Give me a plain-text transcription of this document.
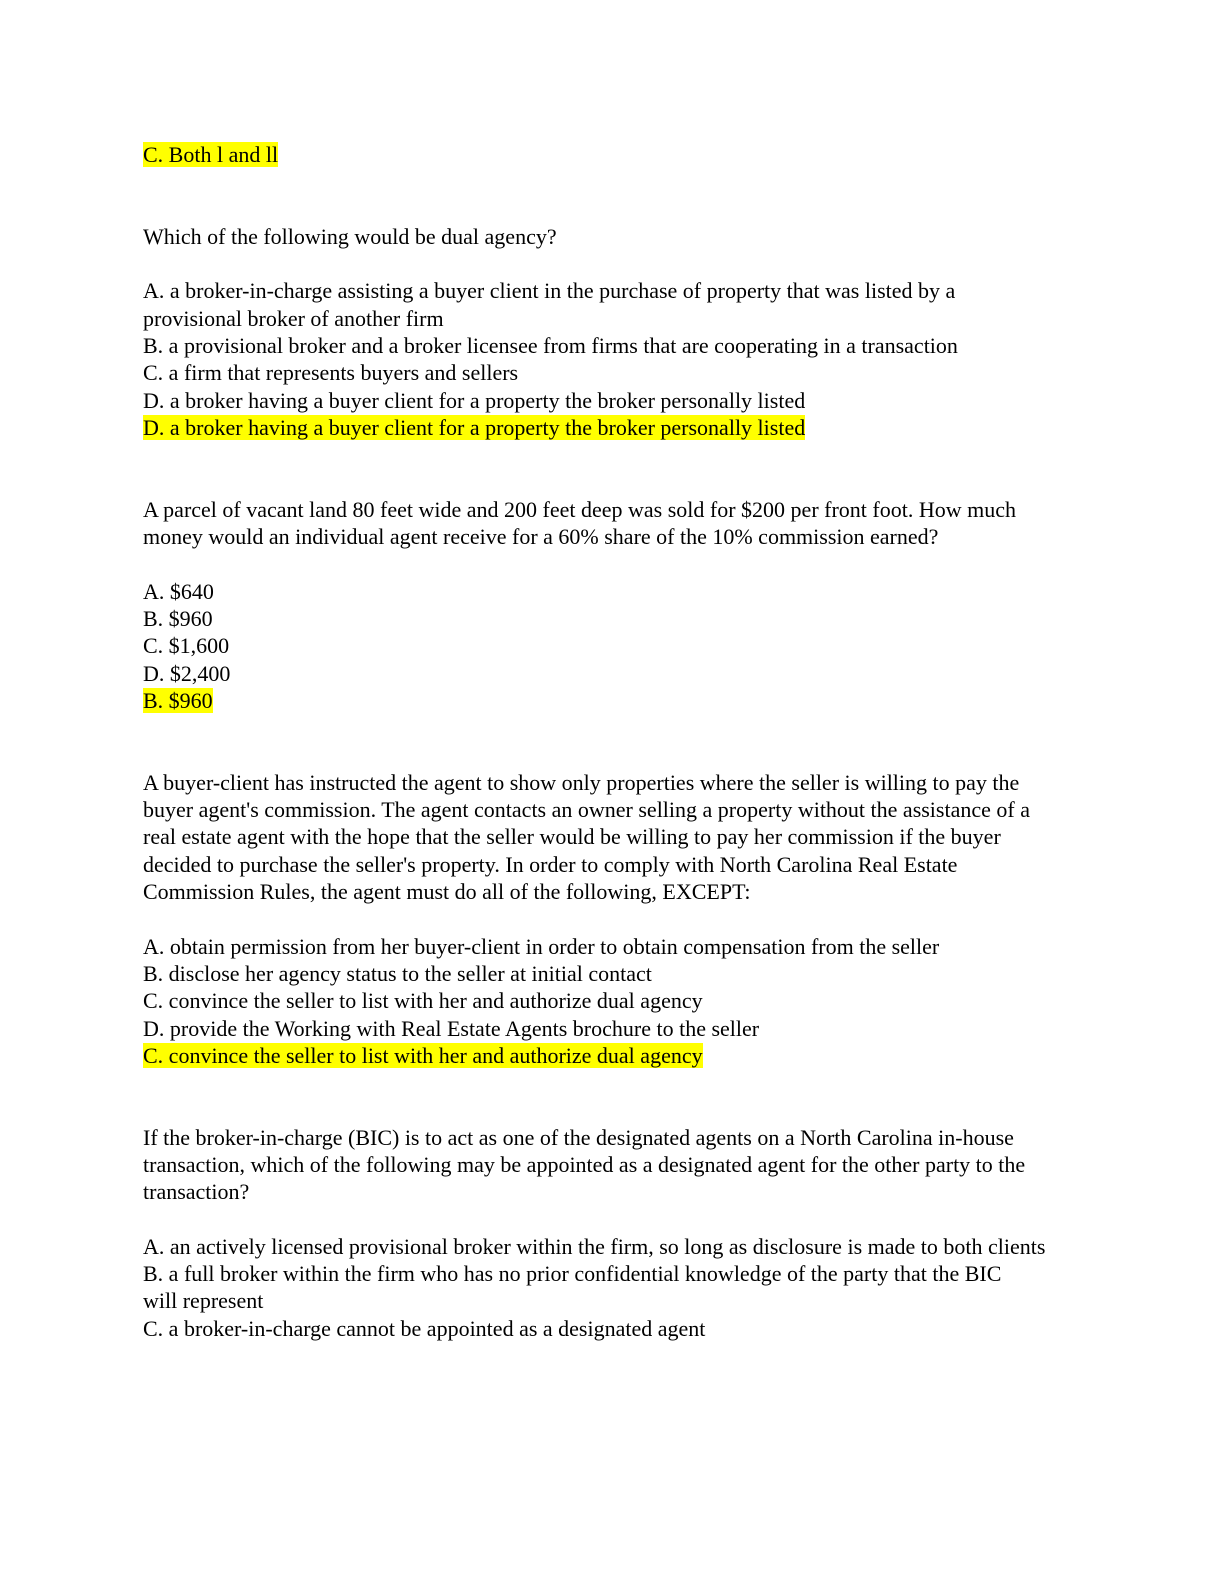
C. Both l and ll
Which of the following would be dual agency?
A. a broker-in-charge assisting a buyer client in the purchase of property that was listed by a provisional broker of another firm
B. a provisional broker and a broker licensee from firms that are cooperating in a transaction
C. a firm that represents buyers and sellers
D. a broker having a buyer client for a property the broker personally listed
D. a broker having a buyer client for a property the broker personally listed
A parcel of vacant land 80 feet wide and 200 feet deep was sold for $200 per front foot. How much money would an individual agent receive for a 60% share of the 10% commission earned?
A. $640
B. $960
C. $1,600
D. $2,400
B. $960
A buyer-client has instructed the agent to show only properties where the seller is willing to pay the buyer agent's commission. The agent contacts an owner selling a property without the assistance of a real estate agent with the hope that the seller would be willing to pay her commission if the buyer decided to purchase the seller's property. In order to comply with North Carolina Real Estate Commission Rules, the agent must do all of the following, EXCEPT:
A. obtain permission from her buyer-client in order to obtain compensation from the seller
B. disclose her agency status to the seller at initial contact
C. convince the seller to list with her and authorize dual agency
D. provide the Working with Real Estate Agents brochure to the seller
C. convince the seller to list with her and authorize dual agency
If the broker-in-charge (BIC) is to act as one of the designated agents on a North Carolina in-house transaction, which of the following may be appointed as a designated agent for the other party to the transaction?
A. an actively licensed provisional broker within the firm, so long as disclosure is made to both clients
B. a full broker within the firm who has no prior confidential knowledge of the party that the BIC will represent
C. a broker-in-charge cannot be appointed as a designated agent
